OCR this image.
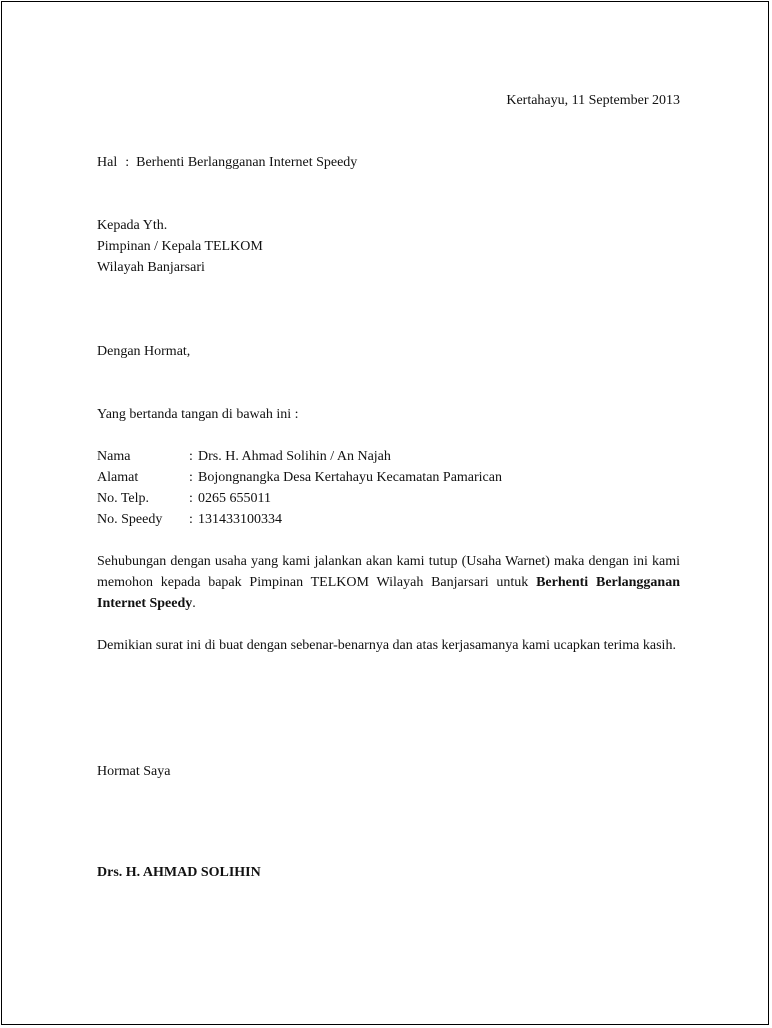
Kertahayu, 11 September 2013
Hal : Berhenti Berlangganan Internet Speedy
Kepada Yth.
Pimpinan / Kepala TELKOM
Wilayah Banjarsari
Dengan Hormat,
Yang bertanda tangan di bawah ini :
Nama	: Drs. H. Ahmad Solihin / An Najah
Alamat	: Bojongnangka Desa Kertahayu Kecamatan Pamarican
No. Telp.	: 0265 655011
No. Speedy	: 131433100334
Sehubungan dengan usaha yang kami jalankan akan kami tutup (Usaha Warnet) maka dengan ini kami memohon kepada bapak Pimpinan TELKOM Wilayah Banjarsari untuk Berhenti Berlangganan Internet Speedy.
Demikian surat ini di buat dengan sebenar-benarnya dan atas kerjasamanya kami ucapkan terima kasih.
Hormat Saya
Drs. H. AHMAD SOLIHIN
